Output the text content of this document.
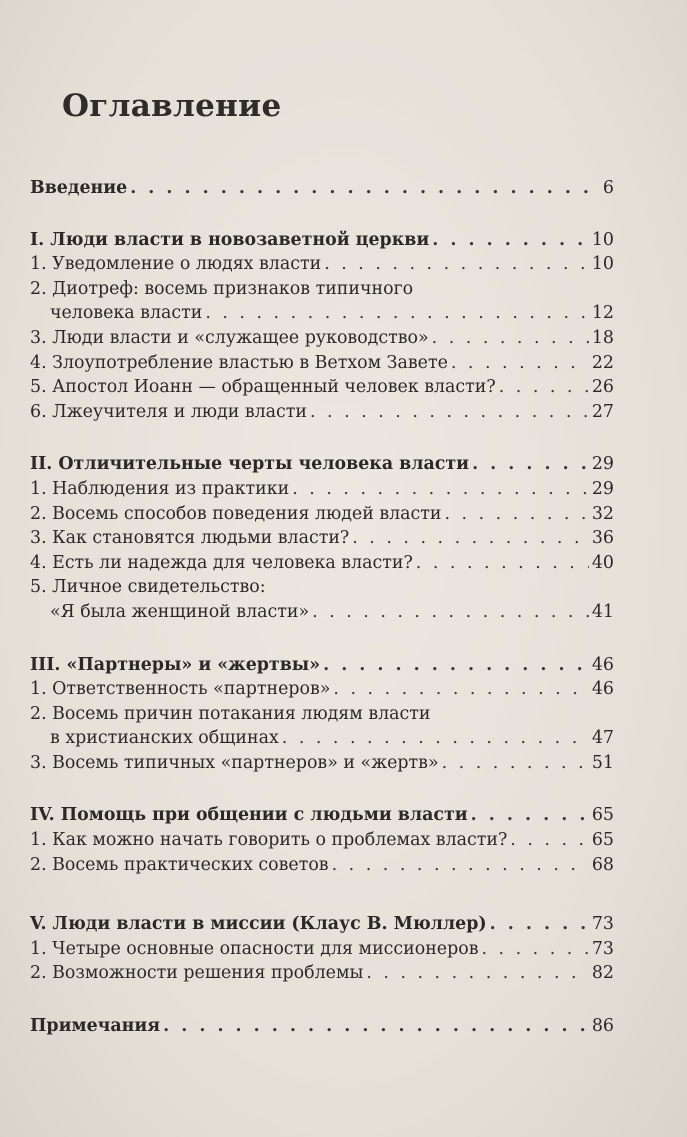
Оглавление
Введение . . .	6
I. Люди власти в новозаветной церкви . . .	10
1. Уведомление о людях власти . . .	10
2. Диотреф: восемь признаков типичного
человека власти . . .	12
3. Люди власти и «служащее руководство» . . .	18
4. Злоупотребление властью в Ветхом Завете . . .	22
5. Апостол Иоанн — обращенный человек власти? . . .	26
6. Лжеучителя и люди власти . . .	27
II. Отличительные черты человека власти . . .	29
1. Наблюдения из практики . . .	29
2. Восемь способов поведения людей власти . . .	32
3. Как становятся людьми власти? . . .	36
4. Есть ли надежда для человека власти? . . .	40
5. Личное свидетельство:
«Я была женщиной власти» . . .	41
III. «Партнеры» и «жертвы» . . .	46
1. Ответственность «партнеров» . . .	46
2. Восемь причин потакания людям власти
в христианских общинах . . .	47
3. Восемь типичных «партнеров» и «жертв» . . .	51
IV. Помощь при общении с людьми власти . . .	65
1. Как можно начать говорить о проблемах власти? . . .	65
2. Восемь практических советов . . .	68
V. Люди власти в миссии (Клаус В. Мюллер) . . .	73
1. Четыре основные опасности для миссионеров . . .	73
2. Возможности решения проблемы . . .	82
Примечания . . .	86
